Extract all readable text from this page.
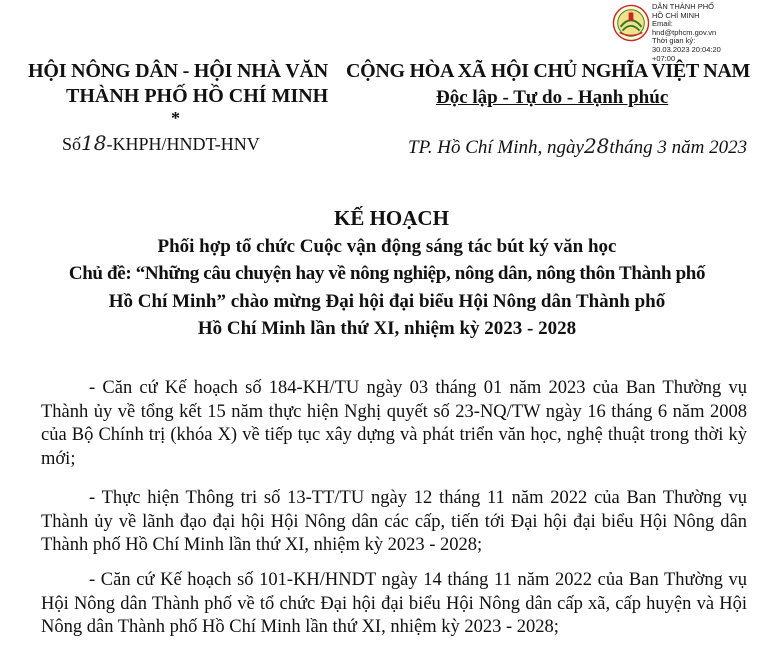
DÂN THÀNH PHỐ
HỒ CHÍ MINH
Email:
hnd@tphcm.gov.vn
Thời gian ký:
30.03.2023 20:04:20
+07:00
HỘI NÔNG DÂN - HỘI NHÀ VĂN
THÀNH PHỐ HỒ CHÍ MINH
*
Số18-KHPH/HNDT-HNV
CỘNG HÒA XÃ HỘI CHỦ NGHĨA VIỆT NAM
Độc lập - Tự do - Hạnh phúc
TP. Hồ Chí Minh, ngày28tháng 3 năm 2023
KẾ HOẠCH
Phối hợp tổ chức Cuộc vận động sáng tác bút ký văn học
Chủ đề: “Những câu chuyện hay về nông nghiệp, nông dân, nông thôn Thành phố
Hồ Chí Minh” chào mừng Đại hội đại biểu Hội Nông dân Thành phố
Hồ Chí Minh lần thứ XI, nhiệm kỳ 2023 - 2028

- Căn cứ Kế hoạch số 184-KH/TU ngày 03 tháng 01 năm 2023 của Ban Thường vụ Thành ủy về tổng kết 15 năm thực hiện Nghị quyết số 23-NQ/TW ngày 16 tháng 6 năm 2008 của Bộ Chính trị (khóa X) về tiếp tục xây dựng và phát triển văn học, nghệ thuật trong thời kỳ mới;

- Thực hiện Thông tri số 13-TT/TU ngày 12 tháng 11 năm 2022 của Ban Thường vụ Thành ủy về lãnh đạo đại hội Hội Nông dân các cấp, tiến tới Đại hội đại biểu Hội Nông dân Thành phố Hồ Chí Minh lần thứ XI, nhiệm kỳ 2023 - 2028;

- Căn cứ Kế hoạch số 101-KH/HNDT ngày 14 tháng 11 năm 2022 của Ban Thường vụ Hội Nông dân Thành phố về tổ chức Đại hội đại biểu Hội Nông dân cấp xã, cấp huyện và Hội Nông dân Thành phố Hồ Chí Minh lần thứ XI, nhiệm kỳ 2023 - 2028;
